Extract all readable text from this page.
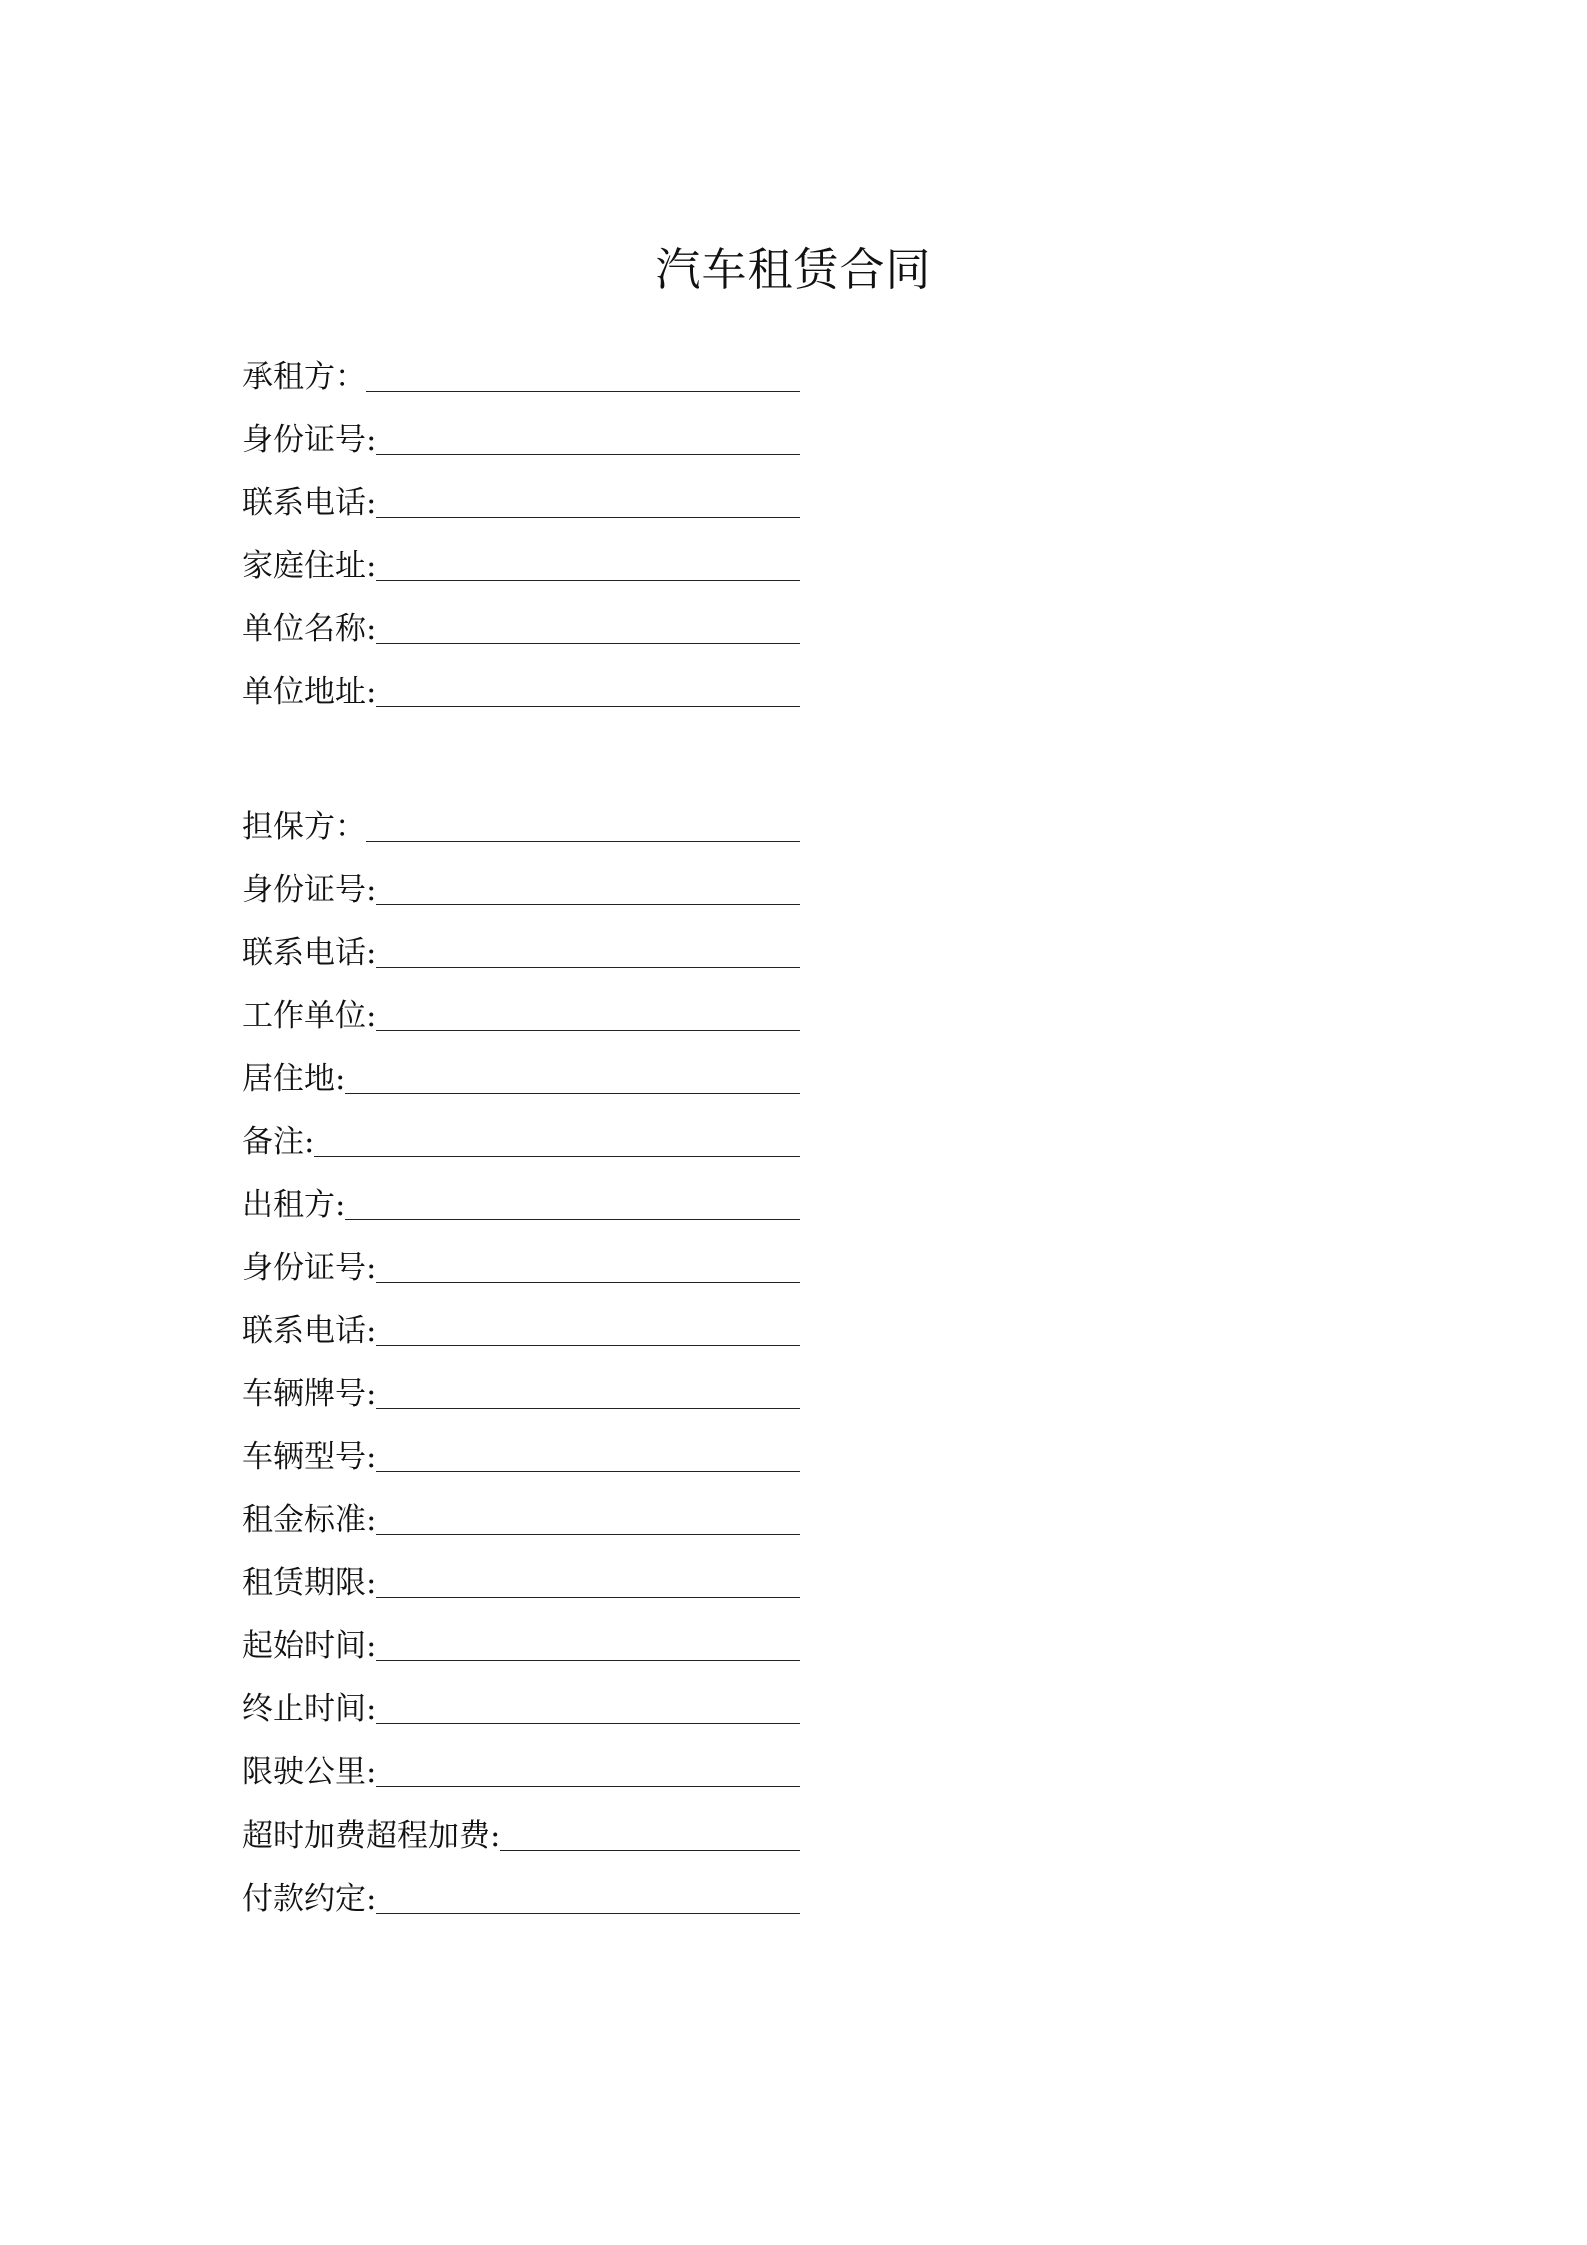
汽车租赁合同
承租方：
身份证号:
联系电话:
家庭住址:
单位名称:
单位地址:
担保方：
身份证号:
联系电话:
工作单位:
居住地:
备注:
出租方:
身份证号:
联系电话:
车辆牌号:
车辆型号:
租金标准:
租赁期限:
起始时间:
终止时间:
限驶公里:
超时加费超程加费:
付款约定:
